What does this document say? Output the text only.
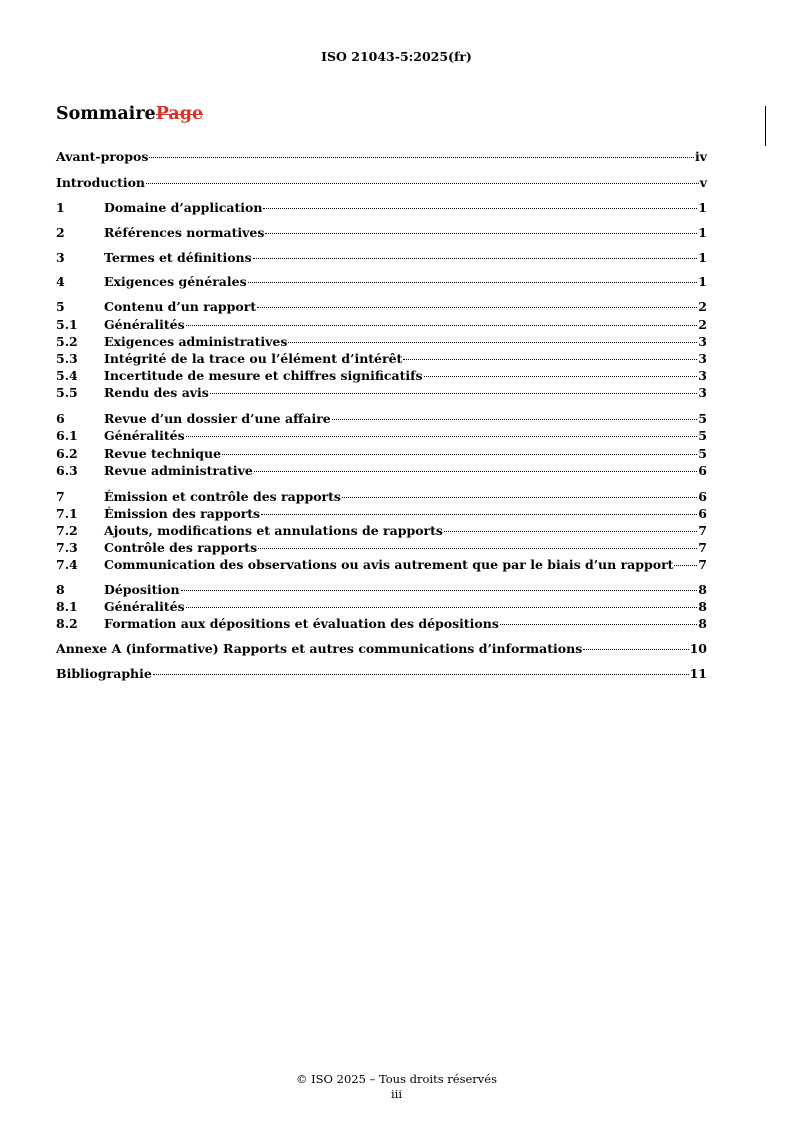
ISO 21043-5:2025(fr)
SommairePage
Avant-propos	iv
Introduction	v
1	Domaine d’application	1
2	Références normatives	1
3	Termes et définitions	1
4	Exigences générales	1
5	Contenu d’un rapport	2
5.1	Généralités	2
5.2	Exigences administratives	3
5.3	Intégrité de la trace ou l’élément d’intérêt	3
5.4	Incertitude de mesure et chiffres significatifs	3
5.5	Rendu des avis	3
6	Revue d’un dossier d’une affaire	5
6.1	Généralités	5
6.2	Revue technique	5
6.3	Revue administrative	6
7	Émission et contrôle des rapports	6
7.1	Émission des rapports	6
7.2	Ajouts, modifications et annulations de rapports	7
7.3	Contrôle des rapports	7
7.4	Communication des observations ou avis autrement que par le biais d’un rapport 7
8	Déposition	8
8.1	Généralités	8
8.2	Formation aux dépositions et évaluation des dépositions	8
Annexe A (informative) Rapports et autres communications d’informations	10
Bibliographie	11
© ISO 2025 – Tous droits réservés
iii
